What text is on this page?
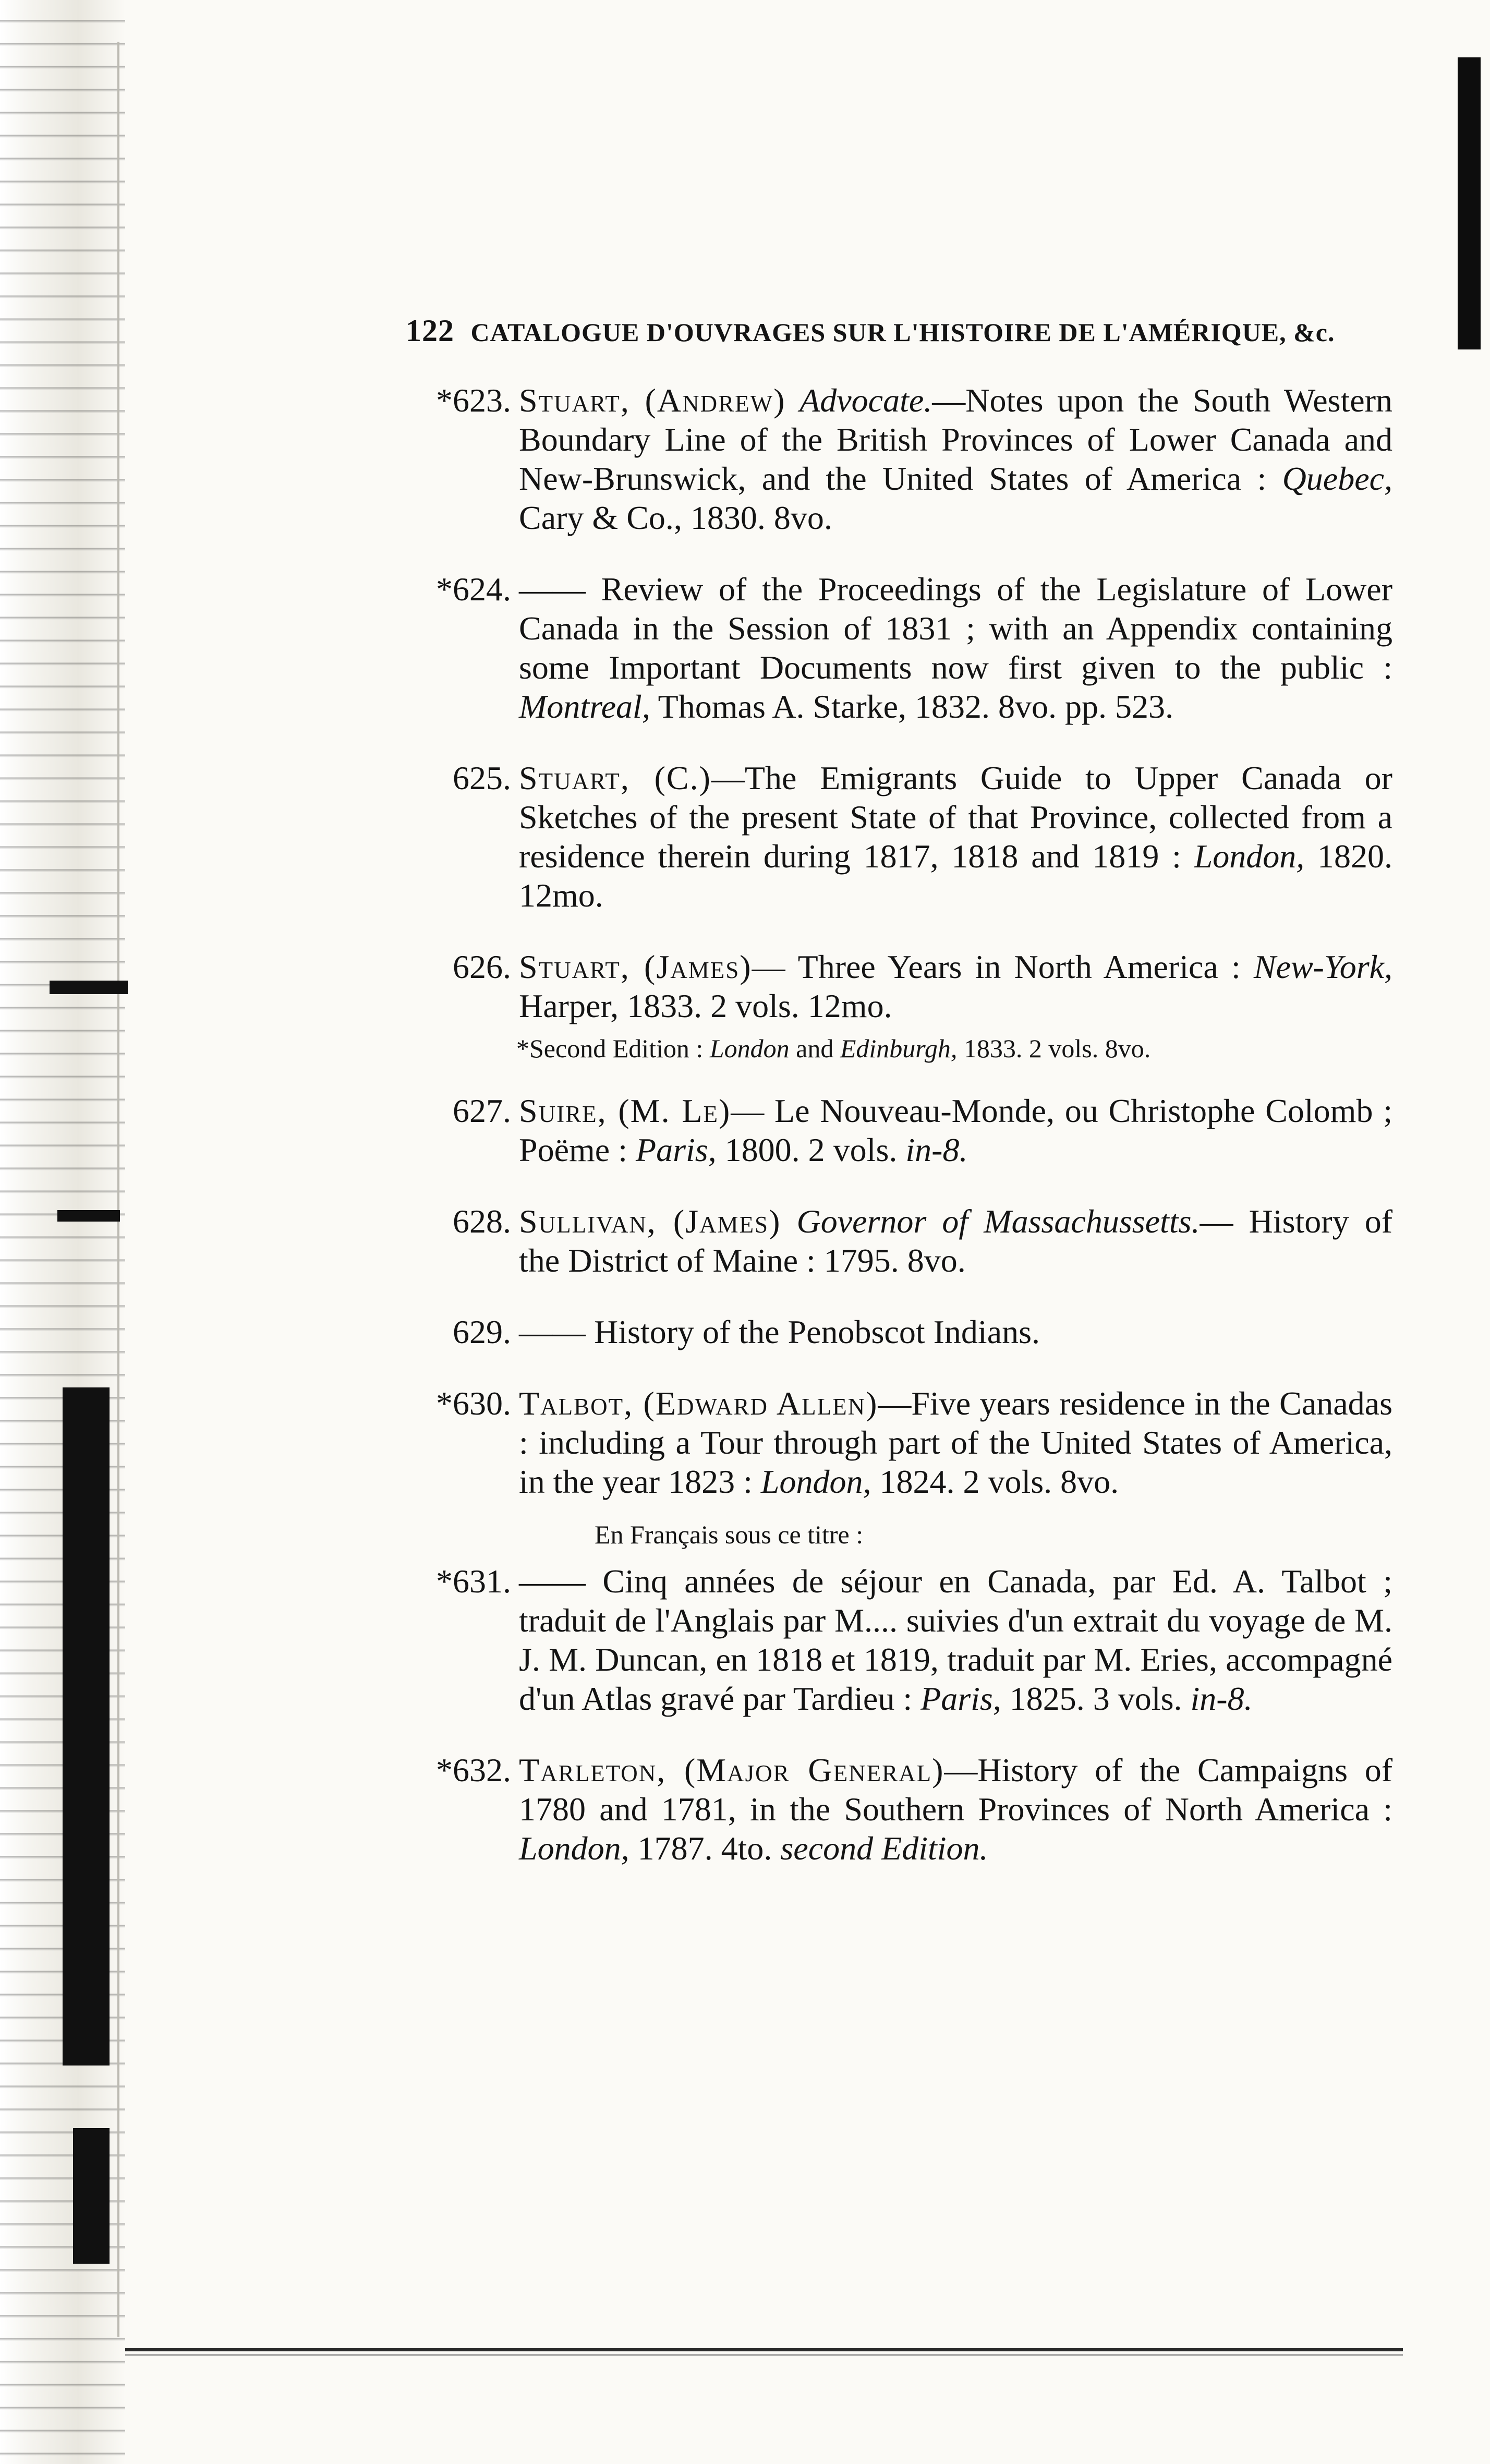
122 CATALOGUE D'OUVRAGES SUR L'HISTOIRE DE L'AMÉRIQUE, &c.
*623. Stuart, (Andrew) Advocate.—Notes upon the South Western Boundary Line of the British Provinces of Lower Canada and New-Brunswick, and the United States of America : Quebec, Cary & Co., 1830. 8vo.

*624. —— Review of the Proceedings of the Legislature of Lower Canada in the Session of 1831 ; with an Appendix containing some Important Documents now first given to the public : Montreal, Thomas A. Starke, 1832. 8vo. pp. 523.

625. Stuart, (C.)—The Emigrants Guide to Upper Canada or Sketches of the present State of that Province, collected from a residence therein during 1817, 1818 and 1819 : London, 1820. 12mo.

626. Stuart, (James)— Three Years in North America : New-York, Harper, 1833. 2 vols. 12mo.

*Second Edition : London and Edinburgh, 1833. 2 vols. 8vo.
627. Suire, (M. Le)— Le Nouveau-Monde, ou Christophe Colomb ; Poëme : Paris, 1800. 2 vols. in-8.

628. Sullivan, (James) Governor of Massachussetts.— History of the District of Maine : 1795. 8vo.

629. —— History of the Penobscot Indians.

*630. Talbot, (Edward Allen)—Five years residence in the Canadas : including a Tour through part of the United States of America, in the year 1823 : London, 1824. 2 vols. 8vo.

En Français sous ce titre :
*631. —— Cinq années de séjour en Canada, par Ed. A. Talbot ; traduit de l'Anglais par M.... suivies d'un extrait du voyage de M. J. M. Duncan, en 1818 et 1819, traduit par M. Eries, accompagné d'un Atlas gravé par Tardieu : Paris, 1825. 3 vols. in-8.

*632. Tarleton, (Major General)—History of the Campaigns of 1780 and 1781, in the Southern Provinces of North America : London, 1787. 4to. second Edition.
